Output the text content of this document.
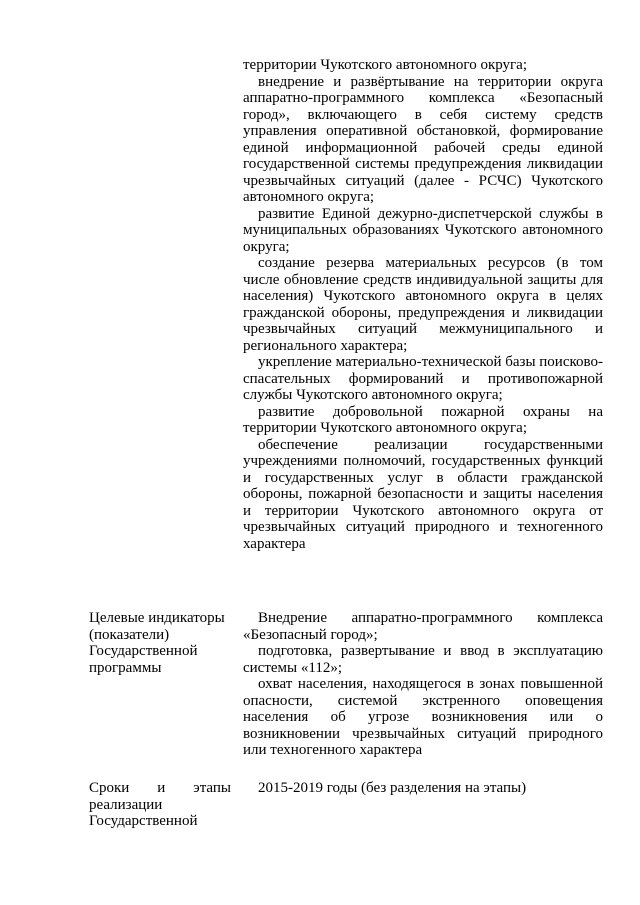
территории Чукотского автономного округа;

внедрение и развёртывание на территории округа аппаратно-программного комплекса «Безопасный город», включающего в себя систему средств управления оперативной обстановкой, формирование единой информационной рабочей среды единой государственной системы предупреждения ликвидации чрезвычайных ситуаций (далее - РСЧС) Чукотского автономного округа;

развитие Единой дежурно-диспетчерской службы в муниципальных образованиях Чукотского автономного округа;

создание резерва материальных ресурсов (в том числе обновление средств индивидуальной защиты для населения) Чукотского автономного округа в целях гражданской обороны, предупреждения и ликвидации чрезвычайных ситуаций межмуниципального и регионального характера;

укрепление материально-технической базы поисково-спасательных формирований и противопожарной службы Чукотского автономного округа;

развитие добровольной пожарной охраны на территории Чукотского автономного округа;

обеспечение реализации государственными учреждениями полномочий, государственных функций и государственных услуг в области гражданской обороны, пожарной безопасности и защиты населения и территории Чукотского автономного округа от чрезвычайных ситуаций природного и техногенного характера

Целевые индикаторы (показатели) Государственной программы

Внедрение аппаратно-программного комплекса «Безопасный город»;

подготовка, развертывание и ввод в эксплуатацию системы «112»;

охват населения, находящегося в зонах повышенной опасности, системой экстренного оповещения населения об угрозе возникновения или о возникновении чрезвычайных ситуаций природного или техногенного характера

Сроки и этапы

реализации

Государственной

2015-2019 годы (без разделения на этапы)
